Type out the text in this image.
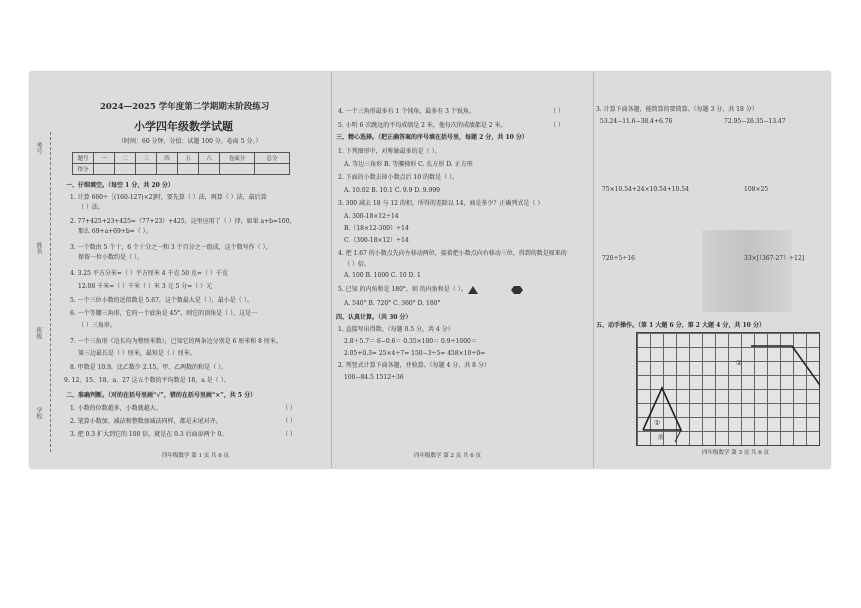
考号
姓名
班级
学校
2024—2025 学年度第二学期期末阶段练习
小学四年级数学试题
（时间：60 分钟，分值：试题 100 分，卷面 5 分。）
题号	一	二	三	四	五	六	卷面分	总分
得分								
一、仔细填空。（每空 1 分，共 20 分）
1. 计算 660÷［(160-127)×2]时，要先算（ ）法，再算（ ）法，最后算
（ ）法。
2. 77+425+23+425=（77+23）+425，这里应用了（ ）律，如果 a+b=100，
那么 69+a+69+b=（ ）。
3. 一个数由 5 个十，6 个十分之一和 3 个百分之一组成，这个数写作（ ），
保留一位小数约是（ ）。
4. 3.25 平方分米=（ ）平方厘米 4 千克 50 克=（ ）千克
12.08 千米=（ ）千米（ ）米 3 元 5 分=（ ）元
5. 一个三位小数的近似数是 5.67，这个数最大是（ ），最小是（ ）。
6. 一个等腰三角形，它的一个底角是 45°，则它的顶角是（ ），这是一
（ ）三角形。
7. 一个三角形（边长均为整厘米数），已知它的两条边分别是 6 厘米和 8 厘米。
第三边最长是（ ）厘米，最短是（ ）厘米。
8. 甲数是 10.9，比乙数少 2.15，甲、乙两数的和是（ ）。
9. 12、15、18、a、27 这五个数的平均数是 18，a 是（ ）。
二、准确判断。（对的在括号里画“√”，错的在括号里画“×”，共 5 分）
1. 小数的位数越多，小数就越大。	（ ）
2. 笔算小数加、减法和整数加减法同样，都是末尾对齐。	（ ）
3. 把 0.3 扩大到它的 100 倍，就是在 0.3 后面添两个 0。	（ ）
四年级数学 第 1 页 共 6 页
4. 一个三角形最多有 1 个钝角，最多有 3 个锐角。	（ ）
5. 小明 6 次跳远的平均成绩是 2 米，他每次的成绩都是 2 米。	（ ）
三、精心选择。（把正确答案的序号填在括号里，每题 2 分，共 10 分）
1. 下列图形中，对称轴最多的是（ ）。
A. 等边三角形 B. 等腰梯形 C. 长方形 D. 正方形
2. 下面的小数去掉小数点后 10 的数是（ ）。
A. 10.02 B. 10.1 C. 9.9 D. 9.999
3. 300 减去 18 与 12 的积，所得的差除以 14，商是多少？正确列式是（ ）
A. 300-18×12÷14
B.（18×12-300）÷14
C.（300-18×12）÷14
4. 把 1.67 的小数点先向左移动两位，接着把小数点向右移动三位，得到的数是原来的
（ ）倍。
A. 100 B. 1000 C. 10 D. 1
5. 已知 的内角和是 180°，则 的内角和是（ ）。
A. 540° B. 720° C. 360° D. 180°
四、认真计算。（共 30 分）
1. 直接写出得数。（每题 0.5 分，共 4 分）
2.8＋5.7＝ 6−0.6＝ 0.35×100＝ 0.9÷1000＝
2.05+0.3= 25×4÷7= 150−3÷5= 458×10÷0=
2. 列竖式计算下面各题，并验算。（每题 4 分，共 8 分）
100−84.5 1512÷36
四年级数学 第 2 页 共 6 页
3. 计算下面各题，能简算的要简算。（每题 3 分，共 18 分）
53.24−11.6−38.4+6.76	72.95−26.35−13.47
75×10.54+24×10.54+10.54	108×25
720÷5÷16	33×[（367-27）÷12]
五、动手操作。（第 1 大题 6 分，第 2 大题 4 分，共 10 分）
②
①
底
四年级数学 第 3 页 共 6 页
